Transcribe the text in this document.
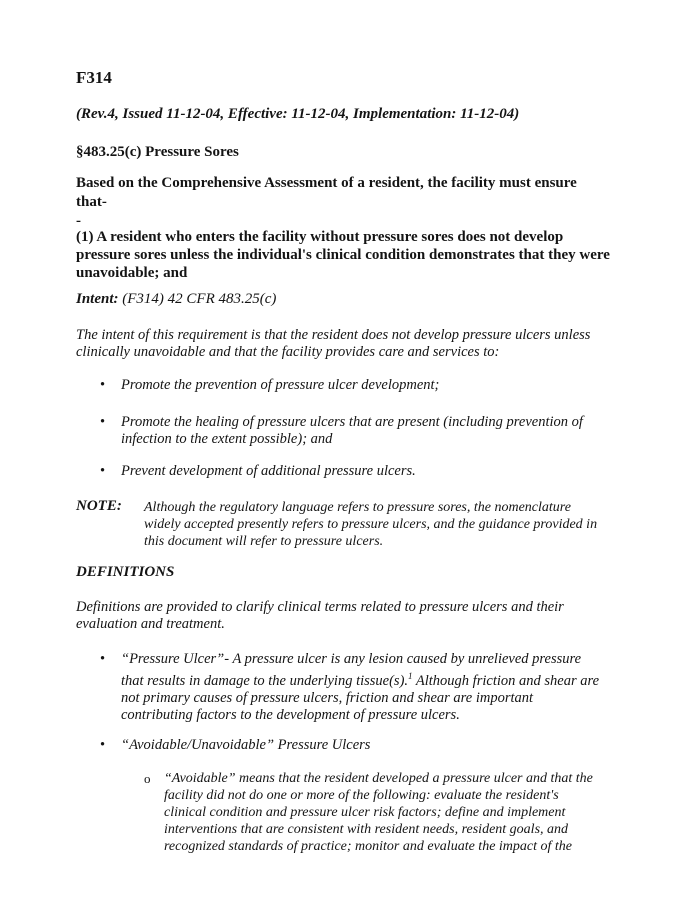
F314

(Rev.4, Issued 11-12-04, Effective: 11-12-04, Implementation: 11-12-04)

§483.25(c) Pressure Sores

Based on the Comprehensive Assessment of a resident, the facility must ensure that-
-

(1) A resident who enters the facility without pressure sores does not develop pressure sores unless the individual's clinical condition demonstrates that they were unavoidable; and

Intent: (F314) 42 CFR 483.25(c)

The intent of this requirement is that the resident does not develop pressure ulcers unless clinically unavoidable and that the facility provides care and services to:

• Promote the prevention of pressure ulcer development;
• Promote the healing of pressure ulcers that are present (including prevention of infection to the extent possible); and
• Prevent development of additional pressure ulcers.

NOTE: Although the regulatory language refers to pressure sores, the nomenclature widely accepted presently refers to pressure ulcers, and the guidance provided in this document will refer to pressure ulcers.

DEFINITIONS

Definitions are provided to clarify clinical terms related to pressure ulcers and their evaluation and treatment.

• “Pressure Ulcer”- A pressure ulcer is any lesion caused by unrelieved pressure that results in damage to the underlying tissue(s).$^1$ Although friction and shear are not primary causes of pressure ulcers, friction and shear are important contributing factors to the development of pressure ulcers.
• “Avoidable/Unavoidable” Pressure Ulcers
o “Avoidable” means that the resident developed a pressure ulcer and that the facility did not do one or more of the following: evaluate the resident's clinical condition and pressure ulcer risk factors; define and implement interventions that are consistent with resident needs, resident goals, and recognized standards of practice; monitor and evaluate the impact of the
